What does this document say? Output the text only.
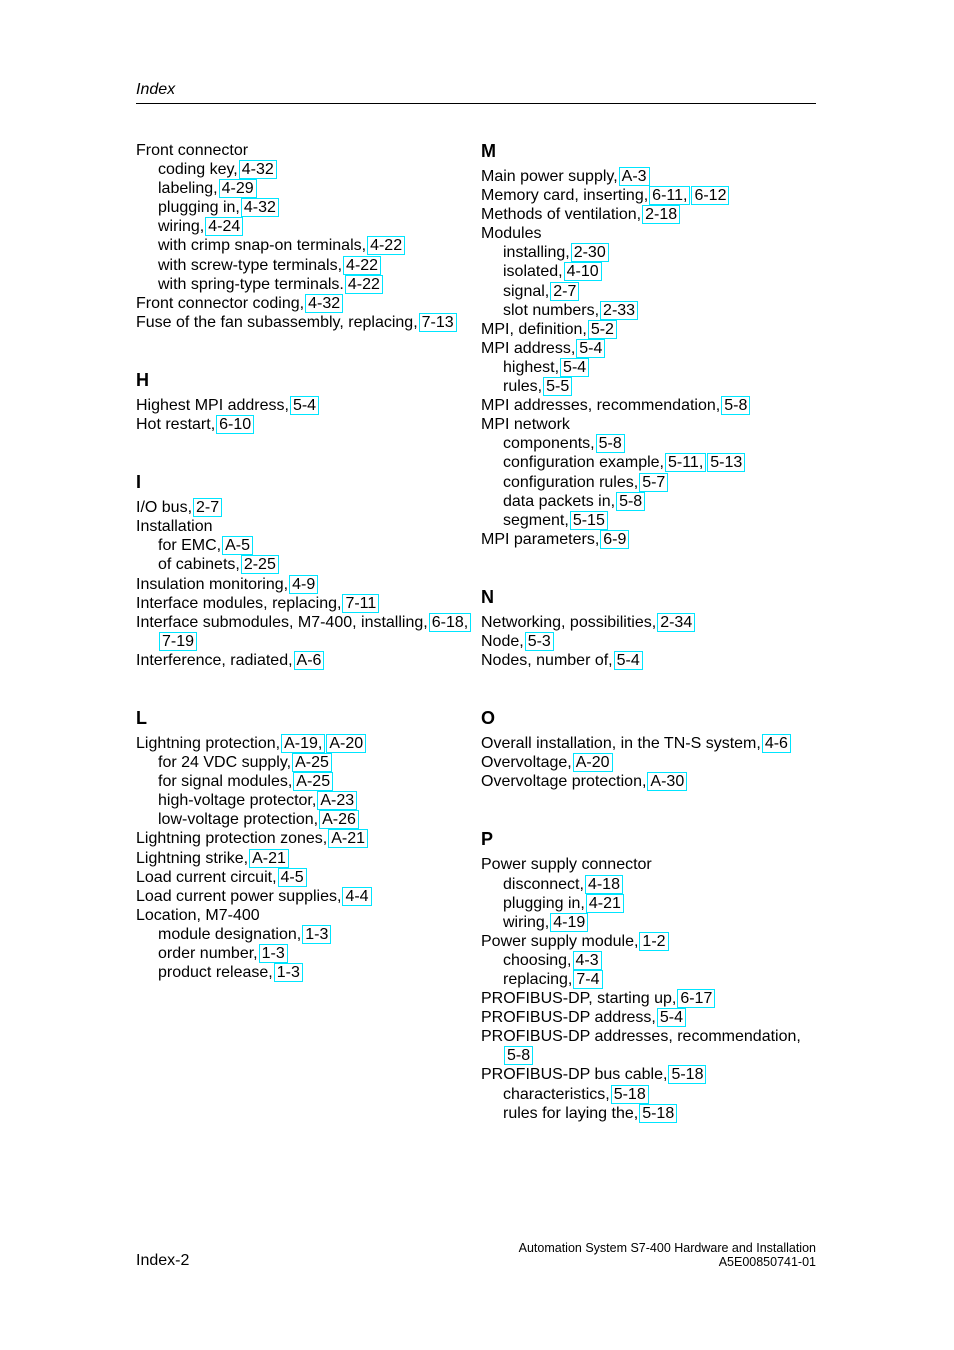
Index
Front connector
coding key, 4-32
labeling, 4-29
plugging in, 4-32
wiring, 4-24
with crimp snap-on terminals, 4-22
with screw-type terminals, 4-22
with spring-type terminals. 4-22
Front connector coding, 4-32
Fuse of the fan subassembly, replacing, 7-13
H
Highest MPI address, 5-4
Hot restart, 6-10
I
I/O bus, 2-7
Installation
for EMC, A-5
of cabinets, 2-25
Insulation monitoring, 4-9
Interface modules, replacing, 7-11
Interface submodules, M7-400, installing, 6-18,
7-19
Interference, radiated, A-6
L
Lightning protection, A-19, A-20
for 24 VDC supply, A-25
for signal modules, A-25
high-voltage protector, A-23
low-voltage protection, A-26
Lightning protection zones, A-21
Lightning strike, A-21
Load current circuit, 4-5
Load current power supplies, 4-4
Location, M7-400
module designation, 1-3
order number, 1-3
product release, 1-3
M
Main power supply, A-3
Memory card, inserting, 6-11, 6-12
Methods of ventilation, 2-18
Modules
installing, 2-30
isolated, 4-10
signal, 2-7
slot numbers, 2-33
MPI, definition, 5-2
MPI address, 5-4
highest, 5-4
rules, 5-5
MPI addresses, recommendation, 5-8
MPI network
components, 5-8
configuration example, 5-11, 5-13
configuration rules, 5-7
data packets in, 5-8
segment, 5-15
MPI parameters, 6-9
N
Networking, possibilities, 2-34
Node, 5-3
Nodes, number of, 5-4
O
Overall installation, in the TN-S system, 4-6
Overvoltage, A-20
Overvoltage protection, A-30
P
Power supply connector
disconnect, 4-18
plugging in, 4-21
wiring, 4-19
Power supply module, 1-2
choosing, 4-3
replacing, 7-4
PROFIBUS-DP, starting up, 6-17
PROFIBUS-DP address, 5-4
PROFIBUS-DP addresses, recommendation,
5-8
PROFIBUS-DP bus cable, 5-18
characteristics, 5-18
rules for laying the, 5-18
Index-2
Automation System S7-400 Hardware and Installation
A5E00850741-01
